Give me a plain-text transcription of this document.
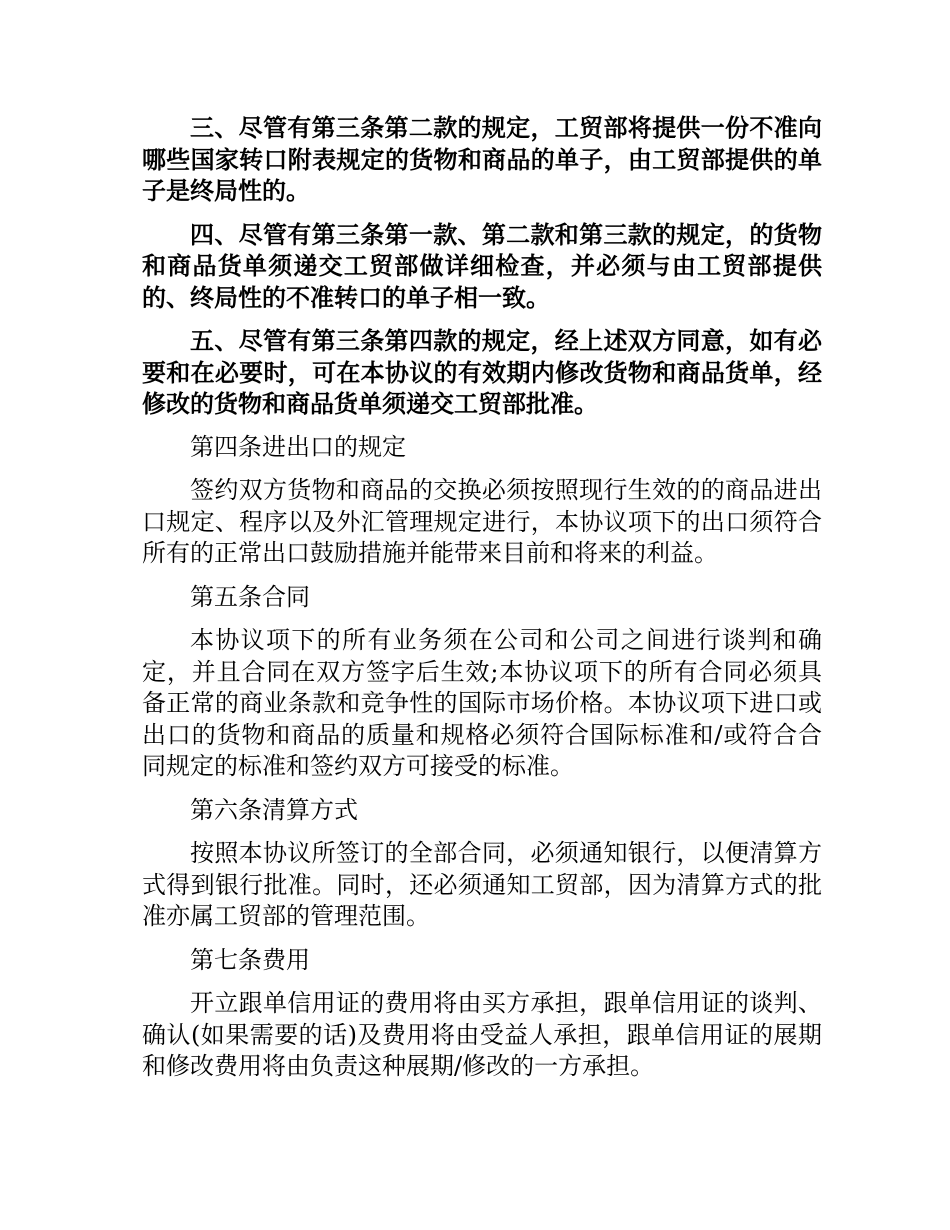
三、尽管有第三条第二款的规定，工贸部将提供一份不准向哪些国家转口附表规定的货物和商品的单子，由工贸部提供的单子是终局性的。

四、尽管有第三条第一款、第二款和第三款的规定，的货物和商品货单须递交工贸部做详细检查，并必须与由工贸部提供的、终局性的不准转口的单子相一致。

五、尽管有第三条第四款的规定，经上述双方同意，如有必要和在必要时，可在本协议的有效期内修改货物和商品货单，经修改的货物和商品货单须递交工贸部批准。

第四条进出口的规定

签约双方货物和商品的交换必须按照现行生效的的商品进出口规定、程序以及外汇管理规定进行，本协议项下的出口须符合所有的正常出口鼓励措施并能带来目前和将来的利益。

第五条合同

本协议项下的所有业务须在公司和公司之间进行谈判和确定，并且合同在双方签字后生效;本协议项下的所有合同必须具备正常的商业条款和竞争性的国际市场价格。本协议项下进口或出口的货物和商品的质量和规格必须符合国际标准和/或符合合同规定的标准和签约双方可接受的标准。

第六条清算方式

按照本协议所签订的全部合同，必须通知银行，以便清算方式得到银行批准。同时，还必须通知工贸部，因为清算方式的批准亦属工贸部的管理范围。

第七条费用

开立跟单信用证的费用将由买方承担，跟单信用证的谈判、确认(如果需要的话)及费用将由受益人承担，跟单信用证的展期和修改费用将由负责这种展期/修改的一方承担。
